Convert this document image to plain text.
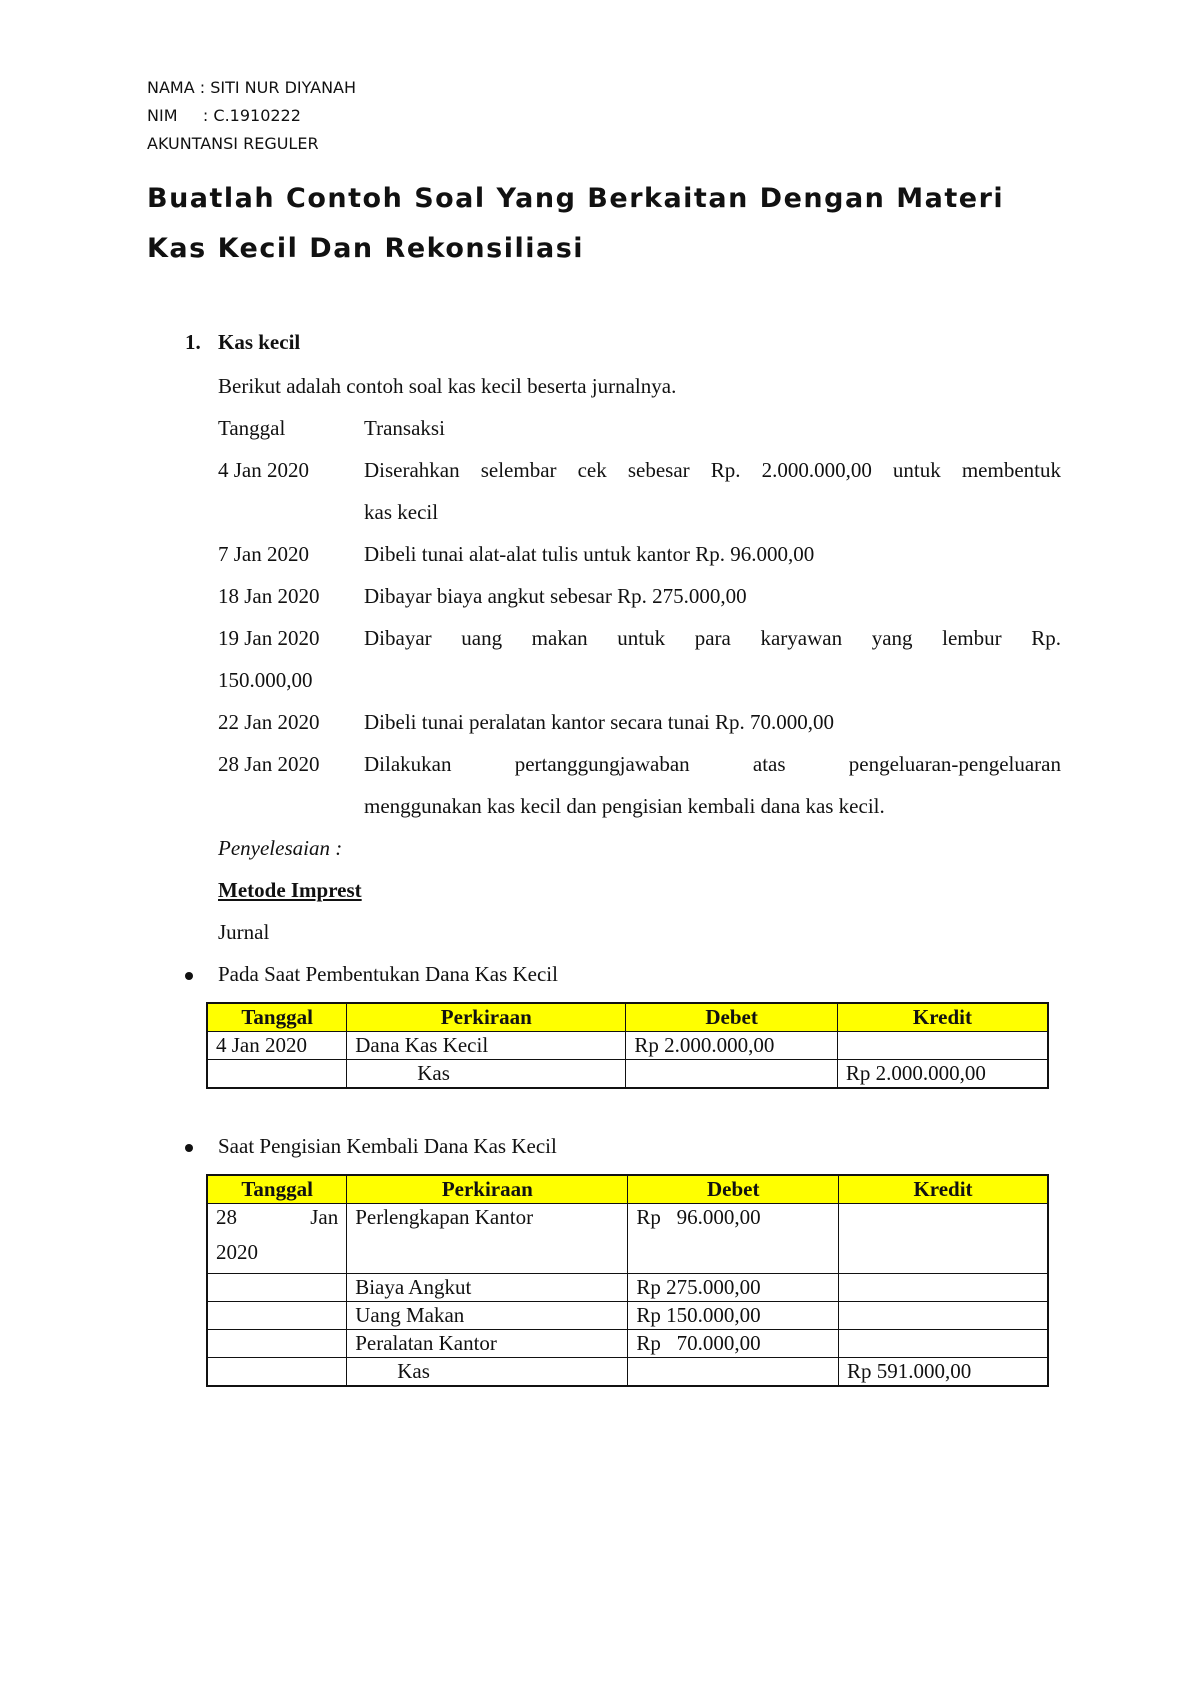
NAMA : SITI NUR DIYANAH
NIM     : C.1910222
AKUNTANSI REGULER
Buatlah Contoh Soal Yang Berkaitan Dengan Materi Kas Kecil Dan Rekonsiliasi
1. Kas kecil
Berikut adalah contoh soal kas kecil beserta jurnalnya.
Tanggal	Transaksi
4 Jan 2020	Diserahkan selembar cek sebesar Rp. 2.000.000,00 untuk membentuk
kas kecil
7 Jan 2020	Dibeli tunai alat-alat tulis untuk kantor Rp. 96.000,00
18 Jan 2020 Dibayar biaya angkut sebesar Rp. 275.000,00
19 Jan 2020 Dibayar uang makan untuk para karyawan yang lembur Rp.
150.000,00
22 Jan 2020 Dibeli tunai peralatan kantor secara tunai Rp. 70.000,00
28 Jan 2020 Dilakukan pertanggungjawaban atas pengeluaran-pengeluaran
menggunakan kas kecil dan pengisian kembali dana kas kecil.
Penyelesaian :
Metode Imprest
Jurnal
Pada Saat Pembentukan Dana Kas Kecil
Tanggal	Perkiraan	Debet	Kredit
4 Jan 2020	Dana Kas Kecil	Rp 2.000.000,00	
	Kas		Rp 2.000.000,00
Saat Pengisian Kembali Dana Kas Kecil
Tanggal	Perkiraan	Debet	Kredit

28 Jan
2020	Perlengkapan Kantor	Rp   96.000,00	
	Biaya Angkut	Rp 275.000,00	
	Uang Makan	Rp 150.000,00	
	Peralatan Kantor	Rp   70.000,00	
	Kas		Rp 591.000,00
